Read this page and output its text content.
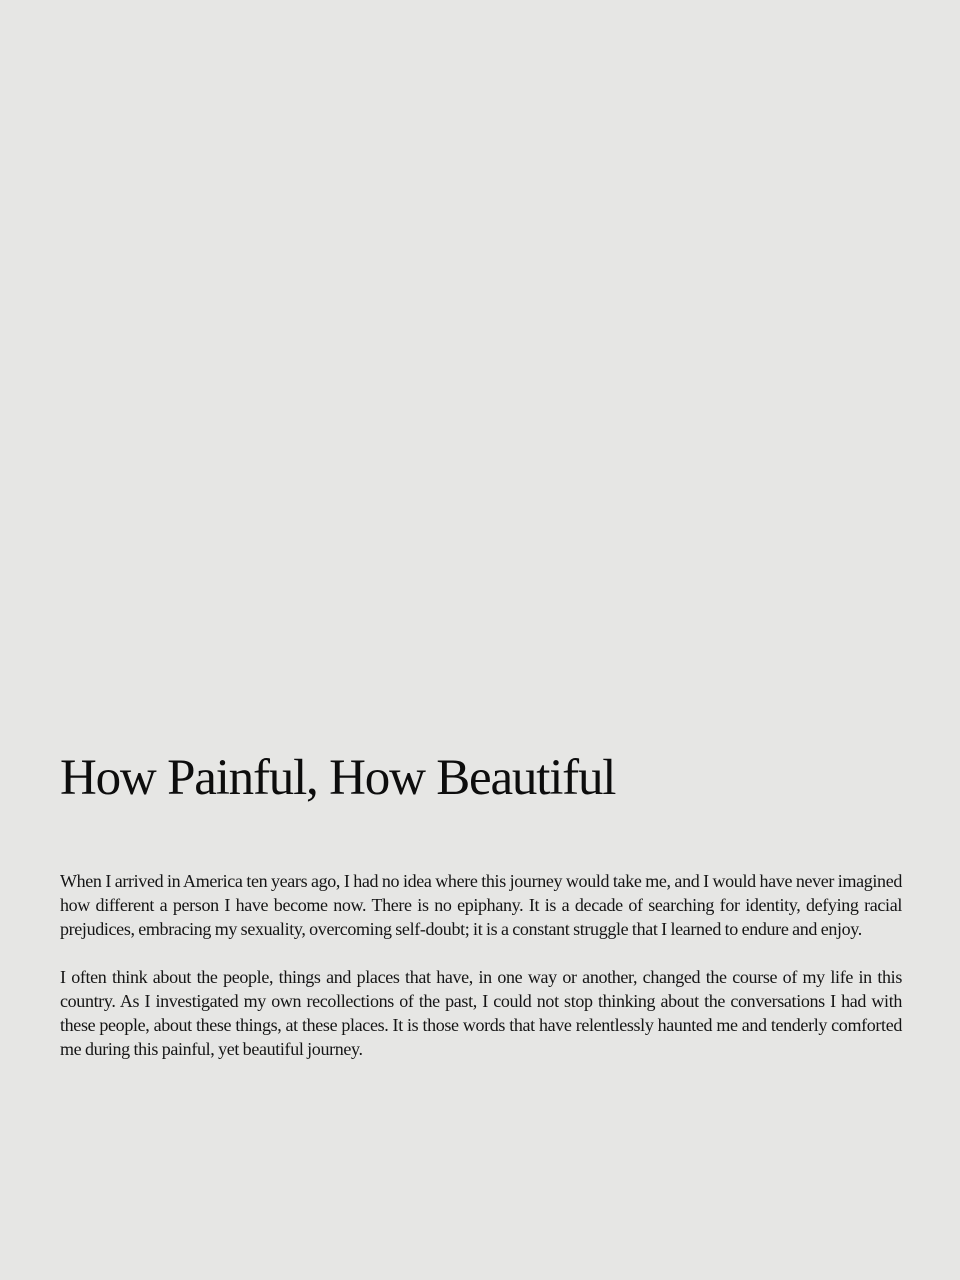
How Painful, How Beautiful

When I arrived in America ten years ago, I had no idea where this journey would take me, and I would have never imagined how different a person I have become now. There is no epiphany. It is a decade of searching for identity, defying racial prejudices, embracing my sexuality, overcoming self-doubt; it is a constant struggle that I learned to endure and enjoy.

I often think about the people, things and places that have, in one way or another, changed the course of my life in this country. As I investigated my own recollections of the past, I could not stop thinking about the conversations I had with these people, about these things, at these places. It is those words that have relentlessly haunted me and tenderly comforted me during this painful, yet beautiful journey.
